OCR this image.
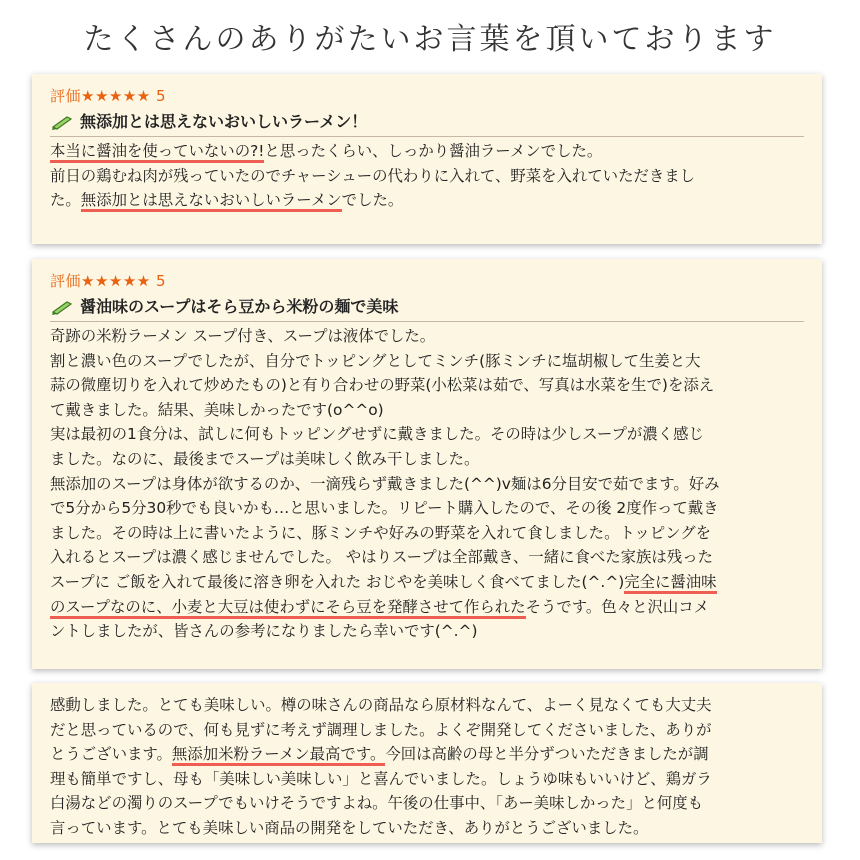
たくさんのありがたいお言葉を頂いております
評価★★★★★ 5
無添加とは思えないおいしいラーメン！
本当に醤油を使っていないの?!と思ったくらい、しっかり醤油ラーメンでした。
前日の鶏むね肉が残っていたのでチャーシューの代わりに入れて、野菜を入れていただきまし
た。無添加とは思えないおいしいラーメンでした。
評価★★★★★ 5
醤油味のスープはそら豆から米粉の麺で美味
奇跡の米粉ラーメン スープ付き、スープは液体でした。
割と濃い色のスープでしたが、自分でトッピングとしてミンチ(豚ミンチに塩胡椒して生姜と大
蒜の微塵切りを入れて炒めたもの)と有り合わせの野菜(小松菜は茹で、写真は水菜を生で)を添え
て戴きました。結果、美味しかったです(o^^o)
実は最初の1食分は、試しに何もトッピングせずに戴きました。その時は少しスープが濃く感じ
ました。なのに、最後までスープは美味しく飲み干しました。
無添加のスープは身体が欲するのか、一滴残らず戴きました(^^)v麺は6分目安で茹でます。好み
で5分から5分30秒でも良いかも…と思いました。リピート購入したので、その後 2度作って戴き
ました。その時は上に書いたように、豚ミンチや好みの野菜を入れて食しました。トッピングを
入れるとスープは濃く感じませんでした。 やはりスープは全部戴き、一緒に食べた家族は残った
スープに ご飯を入れて最後に溶き卵を入れた おじやを美味しく食べてました(^.^)完全に醤油味
のスープなのに、小麦と大豆は使わずにそら豆を発酵させて作られたそうです。色々と沢山コメ
ントしましたが、皆さんの参考になりましたら幸いです(^.^)
感動しました。とても美味しい。樽の味さんの商品なら原材料なんて、よーく見なくても大丈夫
だと思っているので、何も見ずに考えず調理しました。よくぞ開発してくださいました、ありが
とうございます。無添加米粉ラーメン最高です。今回は高齢の母と半分ずついただきましたが調
理も簡単ですし、母も「美味しい美味しい」と喜んでいました。しょうゆ味もいいけど、鶏ガラ
白湯などの濁りのスープでもいけそうですよね。午後の仕事中、「あー美味しかった」と何度も
言っています。とても美味しい商品の開発をしていただき、ありがとうございました。
